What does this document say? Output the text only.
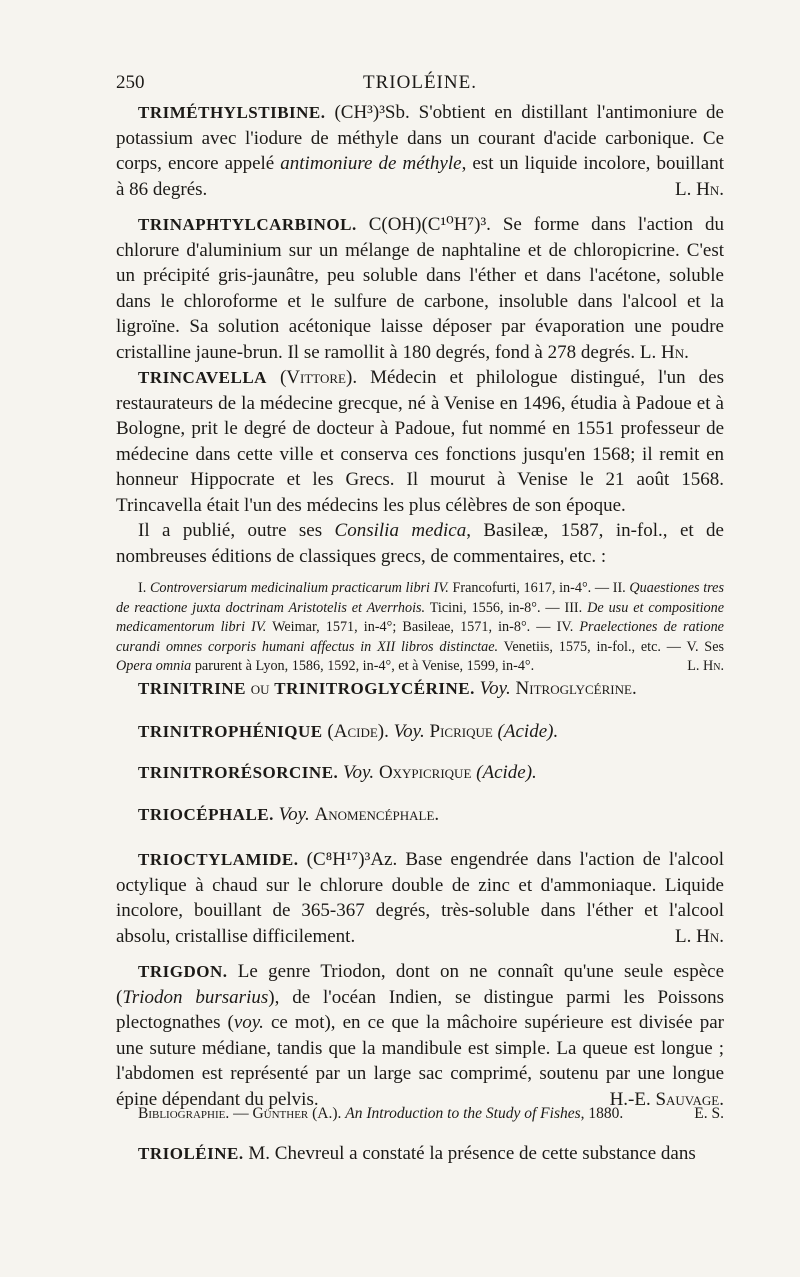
250	TRIOLÉINE.

TRIMÉTHYLSTIBINE. (CH³)³Sb. S'obtient en distillant l'antimoniure de potassium avec l'iodure de méthyle dans un courant d'acide carbonique. Ce corps, encore appelé antimoniure de méthyle, est un liquide incolore, bouillant à 86 degrés.	L. Hn.

TRINAPHTYLCARBINOL. C(OH)(C¹⁰H⁷)³. Se forme dans l'action du chlorure d'aluminium sur un mélange de naphtaline et de chloropicrine. C'est un précipité gris-jaunâtre, peu soluble dans l'éther et dans l'acétone, soluble dans le chloroforme et le sulfure de carbone, insoluble dans l'alcool et la ligroïne. Sa solution acétonique laisse déposer par évaporation une poudre cristalline jaune-brun. Il se ramollit à 180 degrés, fond à 278 degrés. L. Hn.

TRINCAVELLA (Vittore). Médecin et philologue distingué, l'un des restaurateurs de la médecine grecque, né à Venise en 1496, étudia à Padoue et à Bologne, prit le degré de docteur à Padoue, fut nommé en 1551 professeur de médecine dans cette ville et conserva ces fonctions jusqu'en 1568; il remit en honneur Hippocrate et les Grecs. Il mourut à Venise le 21 août 1568. Trincavella était l'un des médecins les plus célèbres de son époque.

Il a publié, outre ses Consilia medica, Basileæ, 1587, in-fol., et de nombreuses éditions de classiques grecs, de commentaires, etc. :

I. Controversiarum medicinalium practicarum libri IV. Francofurti, 1617, in-4°. — II. Quaestiones tres de reactione juxta doctrinam Aristotelis et Averrhois. Ticini, 1556, in-8°. — III. De usu et compositione medicamentorum libri IV. Weimar, 1571, in-4°; Basileae, 1571, in-8°. — IV. Praelectiones de ratione curandi omnes corporis humani affectus in XII libros distinctae. Venetiis, 1575, in-fol., etc. — V. Ses Opera omnia parurent à Lyon, 1586, 1592, in-4°, et à Venise, 1599, in-4°.	L. Hn.

TRINITRINE ou TRINITROGLYCÉRINE. Voy. Nitroglycérine.

TRINITROPHÉNIQUE (Acide). Voy. Picrique (Acide).

TRINITRORÉSORCINE. Voy. Oxypicrique (Acide).

TRIOCÉPHALE. Voy. Anomencéphale.

TRIOCTYLAMIDE. (C⁸H¹⁷)³Az. Base engendrée dans l'action de l'alcool octylique à chaud sur le chlorure double de zinc et d'ammoniaque. Liquide incolore, bouillant de 365-367 degrés, très-soluble dans l'éther et l'alcool absolu, cristallise difficilement.	L. Hn.

TRIGDON. Le genre Triodon, dont on ne connaît qu'une seule espèce (Triodon bursarius), de l'océan Indien, se distingue parmi les Poissons plectognathes (voy. ce mot), en ce que la mâchoire supérieure est divisée par une suture médiane, tandis que la mandibule est simple. La queue est longue ; l'abdomen est représenté par un large sac comprimé, soutenu par une longue épine dépendant du pelvis.	H.-E. Sauvage.

Bibliographie. — Günther (A.). An Introduction to the Study of Fishes, 1880.	E. S.

TRIOLÉINE. M. Chevreul a constaté la présence de cette substance dans
